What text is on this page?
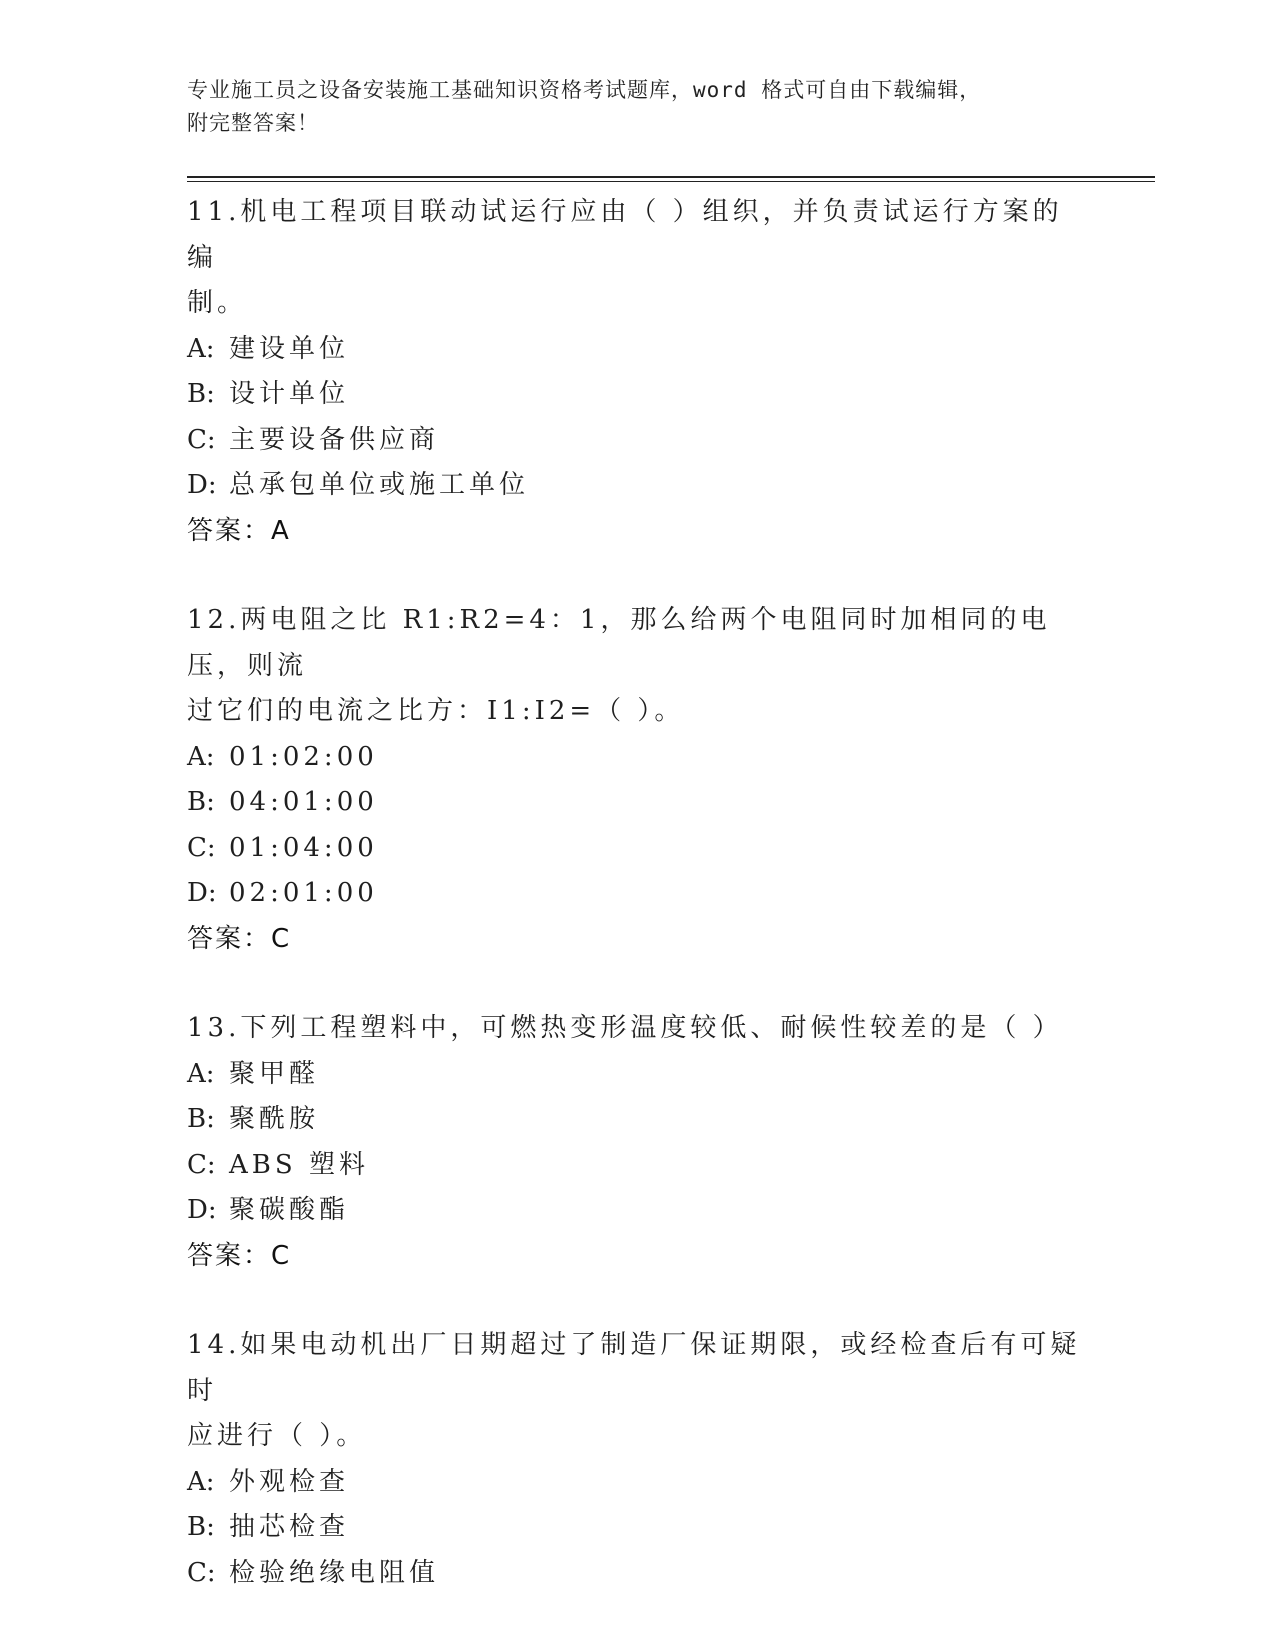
专业施工员之设备安装施工基础知识资格考试题库，word 格式可自由下载编辑，
附完整答案！

11.机电工程项目联动试运行应由（ ）组织，并负责试运行方案的编

制。

A: 建设单位

B: 设计单位

C: 主要设备供应商

D: 总承包单位或施工单位

答案：A

12.两电阻之比 R1:R2=4：1，那么给两个电阻同时加相同的电压，则流

过它们的电流之比方：I1:I2=（ ）。

A: 01:02:00

B: 04:01:00

C: 01:04:00

D: 02:01:00

答案：C

13.下列工程塑料中，可燃热变形温度较低、耐候性较差的是（ ）

A: 聚甲醛

B: 聚酰胺

C: ABS 塑料

D: 聚碳酸酯

答案：C

14.如果电动机出厂日期超过了制造厂保证期限，或经检查后有可疑时

应进行（ ）。

A: 外观检查

B: 抽芯检查

C: 检验绝缘电阻值
